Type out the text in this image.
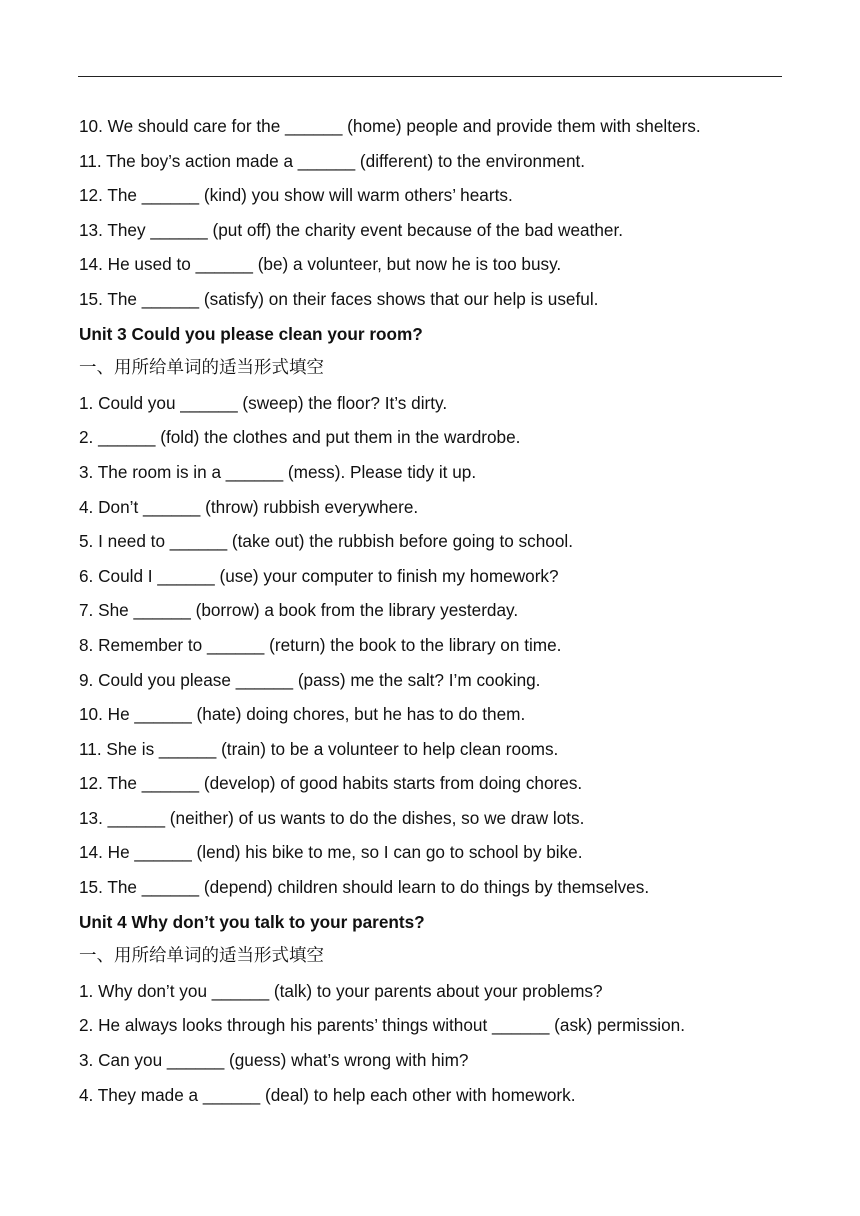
10. We should care for the ______ (home) people and provide them with shelters.
11. The boy’s action made a ______ (different) to the environment.
12. The ______ (kind) you show will warm others’ hearts.
13. They ______ (put off) the charity event because of the bad weather.
14. He used to ______ (be) a volunteer, but now he is too busy.
15. The ______ (satisfy) on their faces shows that our help is useful.
Unit 3 Could you please clean your room?
一、用所给单词的适当形式填空
1. Could you ______ (sweep) the floor? It’s dirty.
2. ______ (fold) the clothes and put them in the wardrobe.
3. The room is in a ______ (mess). Please tidy it up.
4. Don’t ______ (throw) rubbish everywhere.
5. I need to ______ (take out) the rubbish before going to school.
6. Could I ______ (use) your computer to finish my homework?
7. She ______ (borrow) a book from the library yesterday.
8. Remember to ______ (return) the book to the library on time.
9. Could you please ______ (pass) me the salt? I’m cooking.
10. He ______ (hate) doing chores, but he has to do them.
11. She is ______ (train) to be a volunteer to help clean rooms.
12. The ______ (develop) of good habits starts from doing chores.
13. ______ (neither) of us wants to do the dishes, so we draw lots.
14. He ______ (lend) his bike to me, so I can go to school by bike.
15. The ______ (depend) children should learn to do things by themselves.
Unit 4 Why don’t you talk to your parents?
一、用所给单词的适当形式填空
1. Why don’t you ______ (talk) to your parents about your problems?
2. He always looks through his parents’ things without ______ (ask) permission.
3. Can you ______ (guess) what’s wrong with him?
4. They made a ______ (deal) to help each other with homework.
